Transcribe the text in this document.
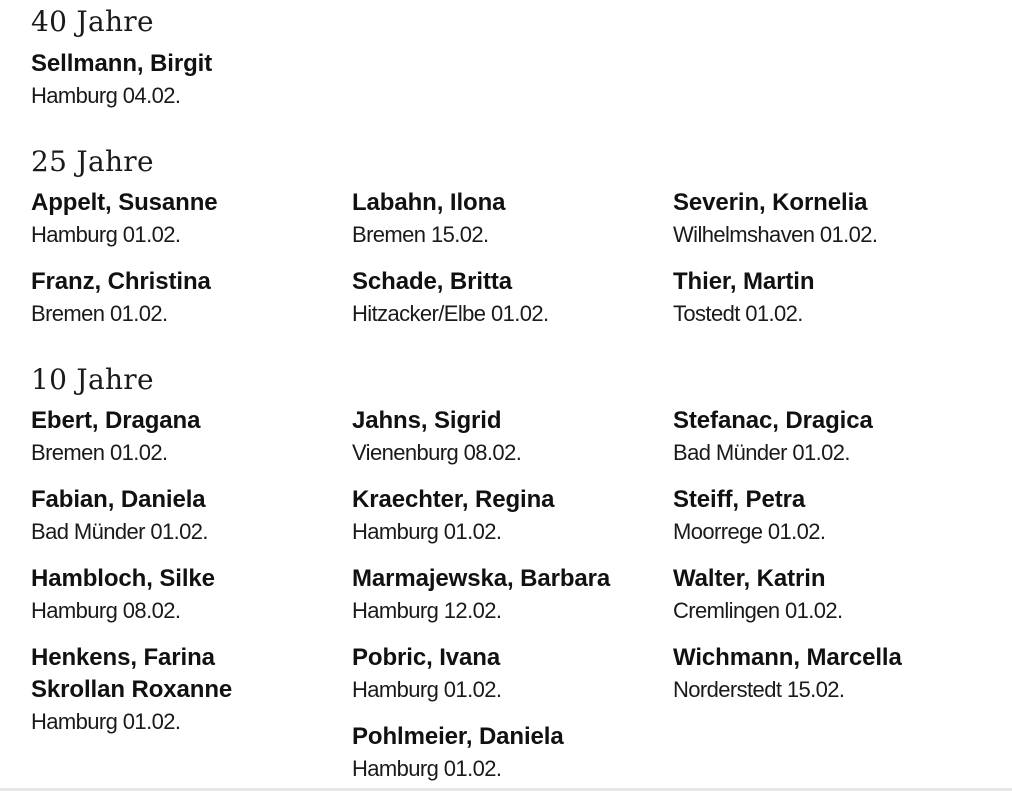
40 Jahre
Sellmann, Birgit
Hamburg 04.02.
25 Jahre
Appelt, Susanne
Hamburg 01.02.
Franz, Christina
Bremen 01.02.
Labahn, Ilona
Bremen 15.02.
Schade, Britta
Hitzacker/Elbe 01.02.
Severin, Kornelia
Wilhelmshaven 01.02.
Thier, Martin
Tostedt 01.02.
10 Jahre
Ebert, Dragana
Bremen 01.02.
Fabian, Daniela
Bad Münder 01.02.
Hambloch, Silke
Hamburg 08.02.
Henkens, Farina
Skrollan Roxanne
Hamburg 01.02.
Jahns, Sigrid
Vienenburg 08.02.
Kraechter, Regina
Hamburg 01.02.
Marmajewska, Barbara
Hamburg 12.02.
Pobric, Ivana
Hamburg 01.02.
Pohlmeier, Daniela
Hamburg 01.02.
Stefanac, Dragica
Bad Münder 01.02.
Steiff, Petra
Moorrege 01.02.
Walter, Katrin
Cremlingen 01.02.
Wichmann, Marcella
Norderstedt 15.02.
